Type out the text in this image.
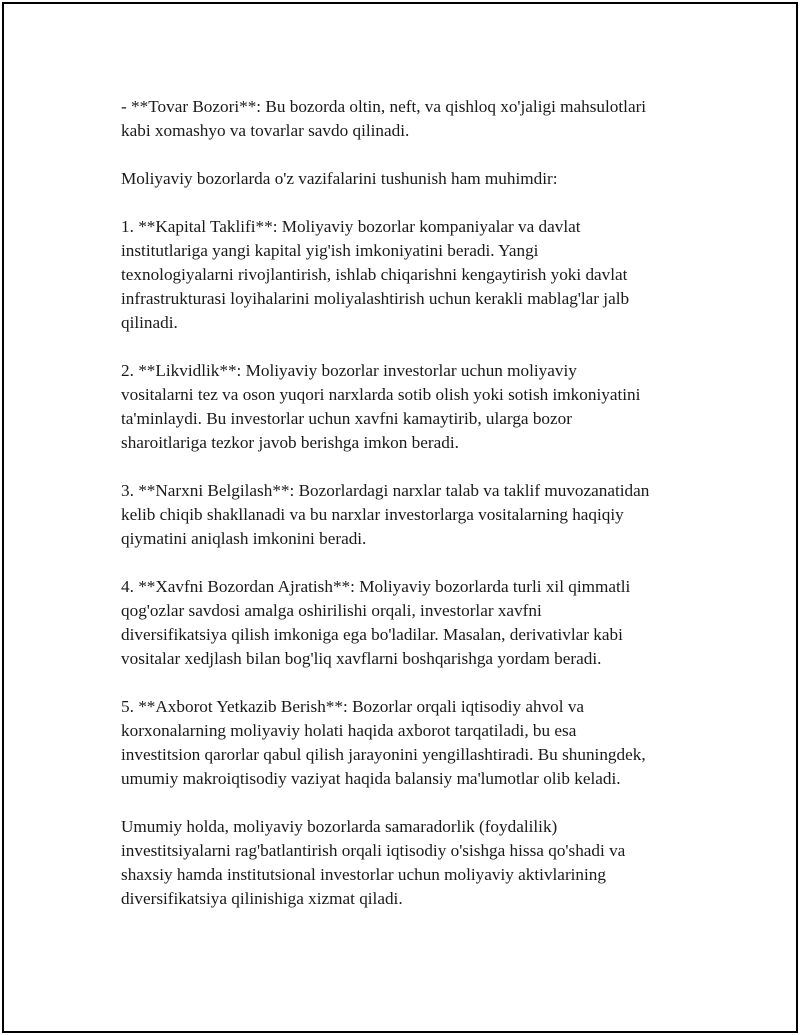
- **Tovar Bozori**: Bu bozorda oltin, neft, va qishloq xo'jaligi mahsulotlari
kabi xomashyo va tovarlar savdo qilinadi.

Moliyaviy bozorlarda o'z vazifalarini tushunish ham muhimdir:

1. **Kapital Taklifi**: Moliyaviy bozorlar kompaniyalar va davlat
institutlariga yangi kapital yig'ish imkoniyatini beradi. Yangi
texnologiyalarni rivojlantirish, ishlab chiqarishni kengaytirish yoki davlat
infrastrukturasi loyihalarini moliyalashtirish uchun kerakli mablag'lar jalb
qilinadi.

2. **Likvidlik**: Moliyaviy bozorlar investorlar uchun moliyaviy
vositalarni tez va oson yuqori narxlarda sotib olish yoki sotish imkoniyatini
ta'minlaydi. Bu investorlar uchun xavfni kamaytirib, ularga bozor
sharoitlariga tezkor javob berishga imkon beradi.

3. **Narxni Belgilash**: Bozorlardagi narxlar talab va taklif muvozanatidan
kelib chiqib shakllanadi va bu narxlar investorlarga vositalarning haqiqiy
qiymatini aniqlash imkonini beradi.

4. **Xavfni Bozordan Ajratish**: Moliyaviy bozorlarda turli xil qimmatli
qog'ozlar savdosi amalga oshirilishi orqali, investorlar xavfni
diversifikatsiya qilish imkoniga ega bo'ladilar. Masalan, derivativlar kabi
vositalar xedjlash bilan bog'liq xavflarni boshqarishga yordam beradi.

5. **Axborot Yetkazib Berish**: Bozorlar orqali iqtisodiy ahvol va
korxonalarning moliyaviy holati haqida axborot tarqatiladi, bu esa
investitsion qarorlar qabul qilish jarayonini yengillashtiradi. Bu shuningdek,
umumiy makroiqtisodiy vaziyat haqida balansiy ma'lumotlar olib keladi.

Umumiy holda, moliyaviy bozorlarda samaradorlik (foydalilik)
investitsiyalarni rag'batlantirish orqali iqtisodiy o'sishga hissa qo'shadi va
shaxsiy hamda institutsional investorlar uchun moliyaviy aktivlarining
diversifikatsiya qilinishiga xizmat qiladi.
